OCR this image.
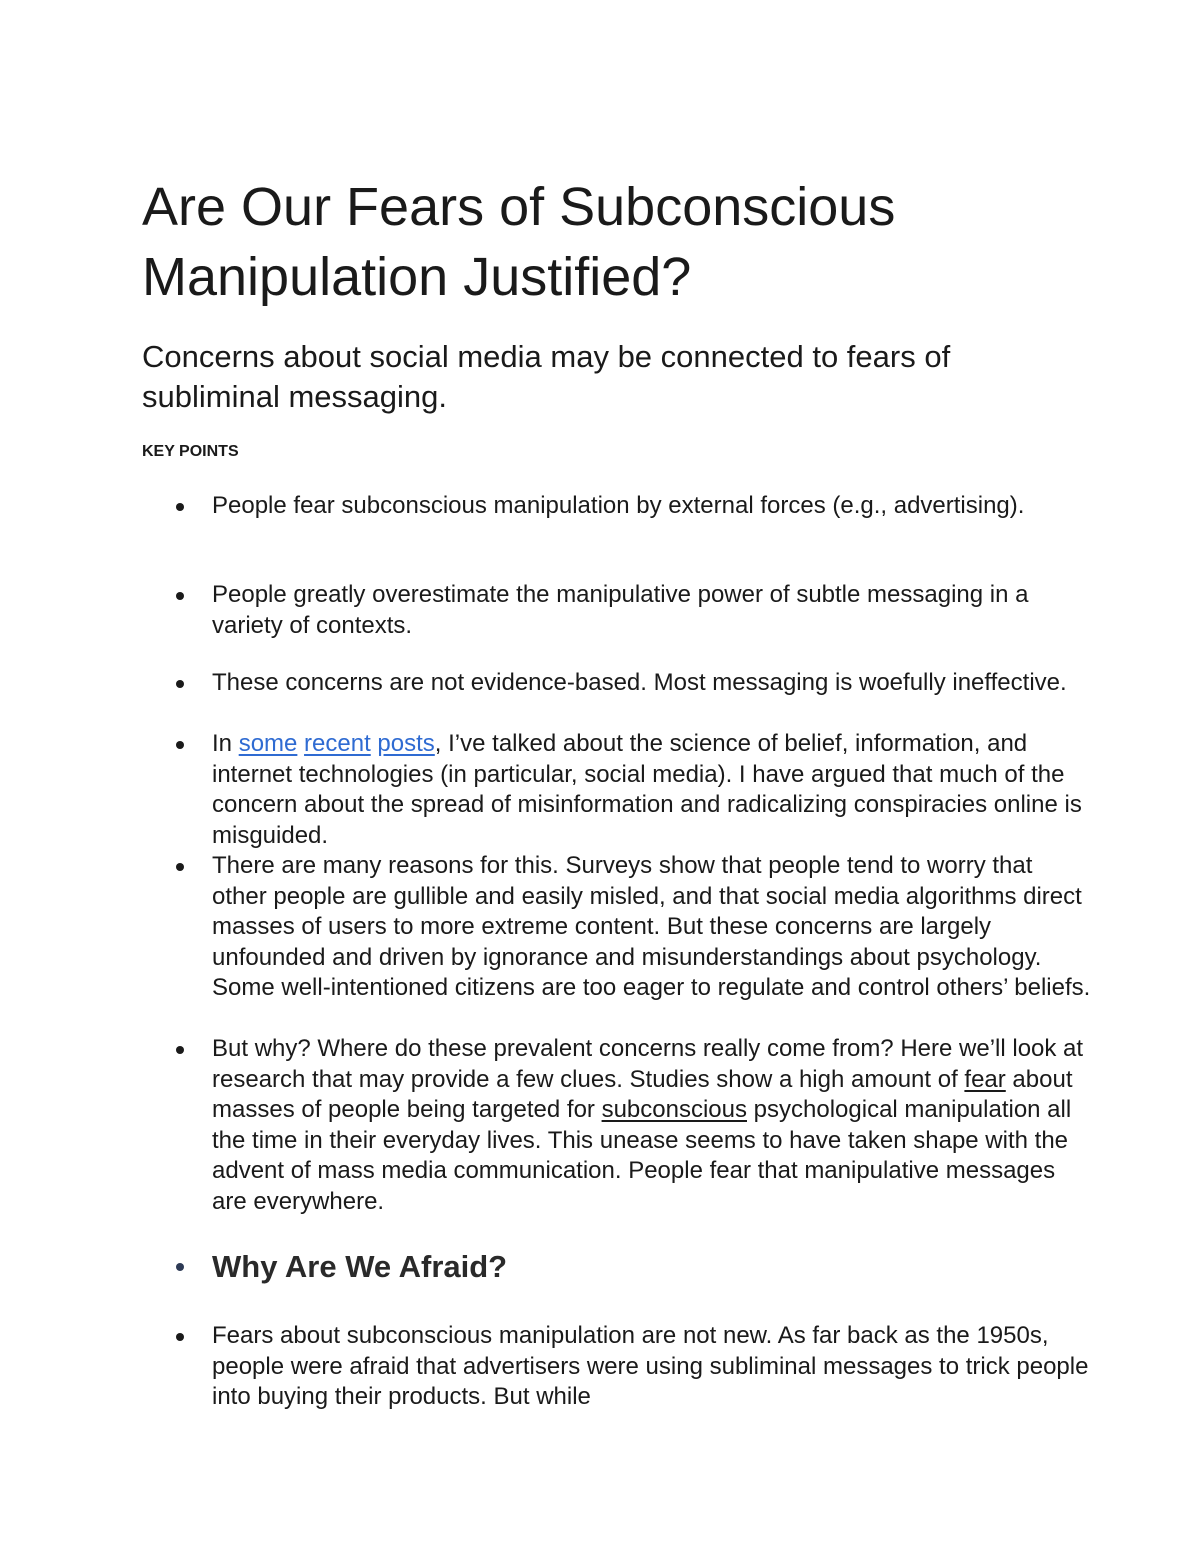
Are Our Fears of Subconscious Manipulation Justified?

Concerns about social media may be connected to fears of subliminal messaging.

KEY POINTS

People fear subconscious manipulation by external forces (e.g., advertising).

People greatly overestimate the manipulative power of subtle messaging in a variety of contexts.

These concerns are not evidence-based. Most messaging is woefully ineffective.

In some recent posts, I’ve talked about the science of belief, information, and internet technologies (in particular, social media). I have argued that much of the concern about the spread of misinformation and radicalizing conspiracies online is misguided.

There are many reasons for this. Surveys show that people tend to worry that other people are gullible and easily misled, and that social media algorithms direct masses of users to more extreme content. But these concerns are largely unfounded and driven by ignorance and misunderstandings about psychology. Some well-intentioned citizens are too eager to regulate and control others’ beliefs.

But why? Where do these prevalent concerns really come from? Here we’ll look at research that may provide a few clues. Studies show a high amount of fear about masses of people being targeted for subconscious psychological manipulation all the time in their everyday lives. This unease seems to have taken shape with the advent of mass media communication. People fear that manipulative messages are everywhere.

Why Are We Afraid?

Fears about subconscious manipulation are not new. As far back as the 1950s, people were afraid that advertisers were using subliminal messages to trick people into buying their products. But while
